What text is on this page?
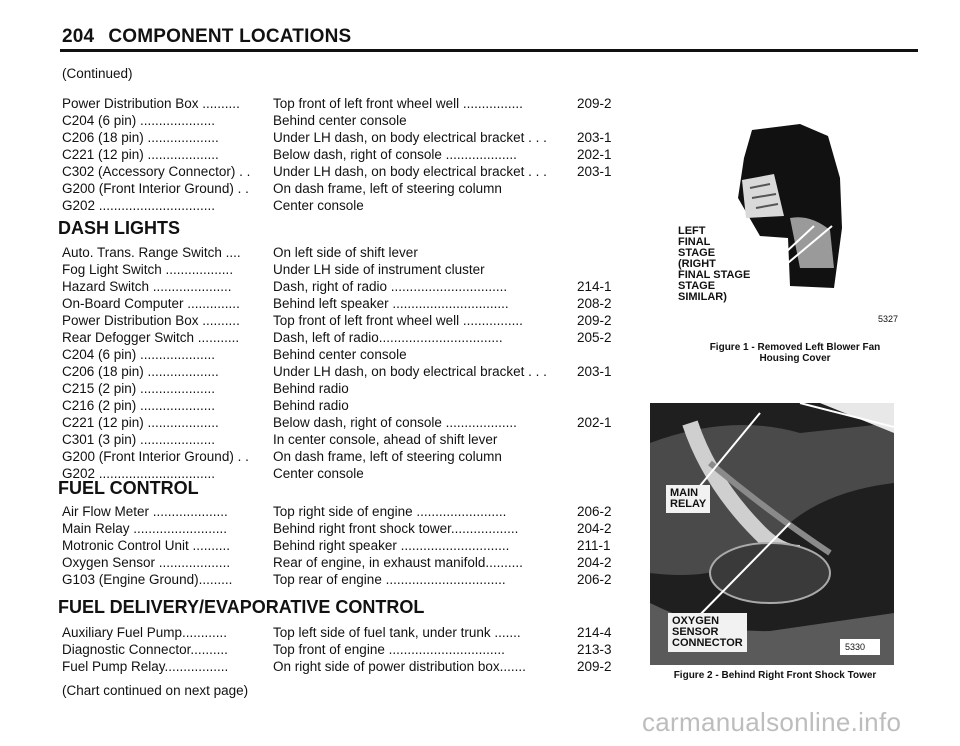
204 COMPONENT LOCATIONS
(Continued)
Power Distribution Box ..........	Top front of left front wheel well ................	209-2
C204 (6 pin) ....................	Behind center console
C206 (18 pin) ...................	Under LH dash, on body electrical bracket . . .	203-1
C221 (12 pin) ...................	Below dash, right of console ...................	202-1
C302 (Accessory Connector) . .	Under LH dash, on body electrical bracket . . .	203-1
G200 (Front Interior Ground) . .	On dash frame, left of steering column
G202 ...............................	Center console
DASH LIGHTS
Auto. Trans. Range Switch ....	On left side of shift lever
Fog Light Switch ..................	Under LH side of instrument cluster
Hazard Switch .....................	Dash, right of radio ...............................	214-1
On-Board Computer ..............	Behind left speaker ...............................	208-2
Power Distribution Box ..........	Top front of left front wheel well ................	209-2
Rear Defogger Switch ...........	Dash, left of radio.................................	205-2
C204 (6 pin) ....................	Behind center console
C206 (18 pin) ...................	Under LH dash, on body electrical bracket . . .	203-1
C215 (2 pin) ....................	Behind radio
C216 (2 pin) ....................	Behind radio
C221 (12 pin) ...................	Below dash, right of console ...................	202-1
C301 (3 pin) ....................	In center console, ahead of shift lever
G200 (Front Interior Ground) . .	On dash frame, left of steering column
G202 ...............................	Center console
FUEL CONTROL
Air Flow Meter ....................	Top right side of engine ........................	206-2
Main Relay .........................	Behind right front shock tower..................	204-2
Motronic Control Unit ..........	Behind right speaker .............................	211-1
Oxygen Sensor ...................	Rear of engine, in exhaust manifold..........	204-2
G103 (Engine Ground).........	Top rear of engine ................................	206-2
FUEL DELIVERY/EVAPORATIVE CONTROL
Auxiliary Fuel Pump............	Top left side of fuel tank, under trunk .......	214-4
Diagnostic Connector..........	Top front of engine ...............................	213-3
Fuel Pump Relay.................	On right side of power distribution box.......	209-2
(Chart continued on next page)
LEFT
FINAL
STAGE
(RIGHT
FINAL STAGE
STAGE
SIMILAR)
5327
Figure 1 - Removed Left Blower Fan
Housing Cover
MAIN
RELAY
OXYGEN
SENSOR
CONNECTOR	5330
Figure 2 - Behind Right Front Shock Tower
carmanualsonline.info
